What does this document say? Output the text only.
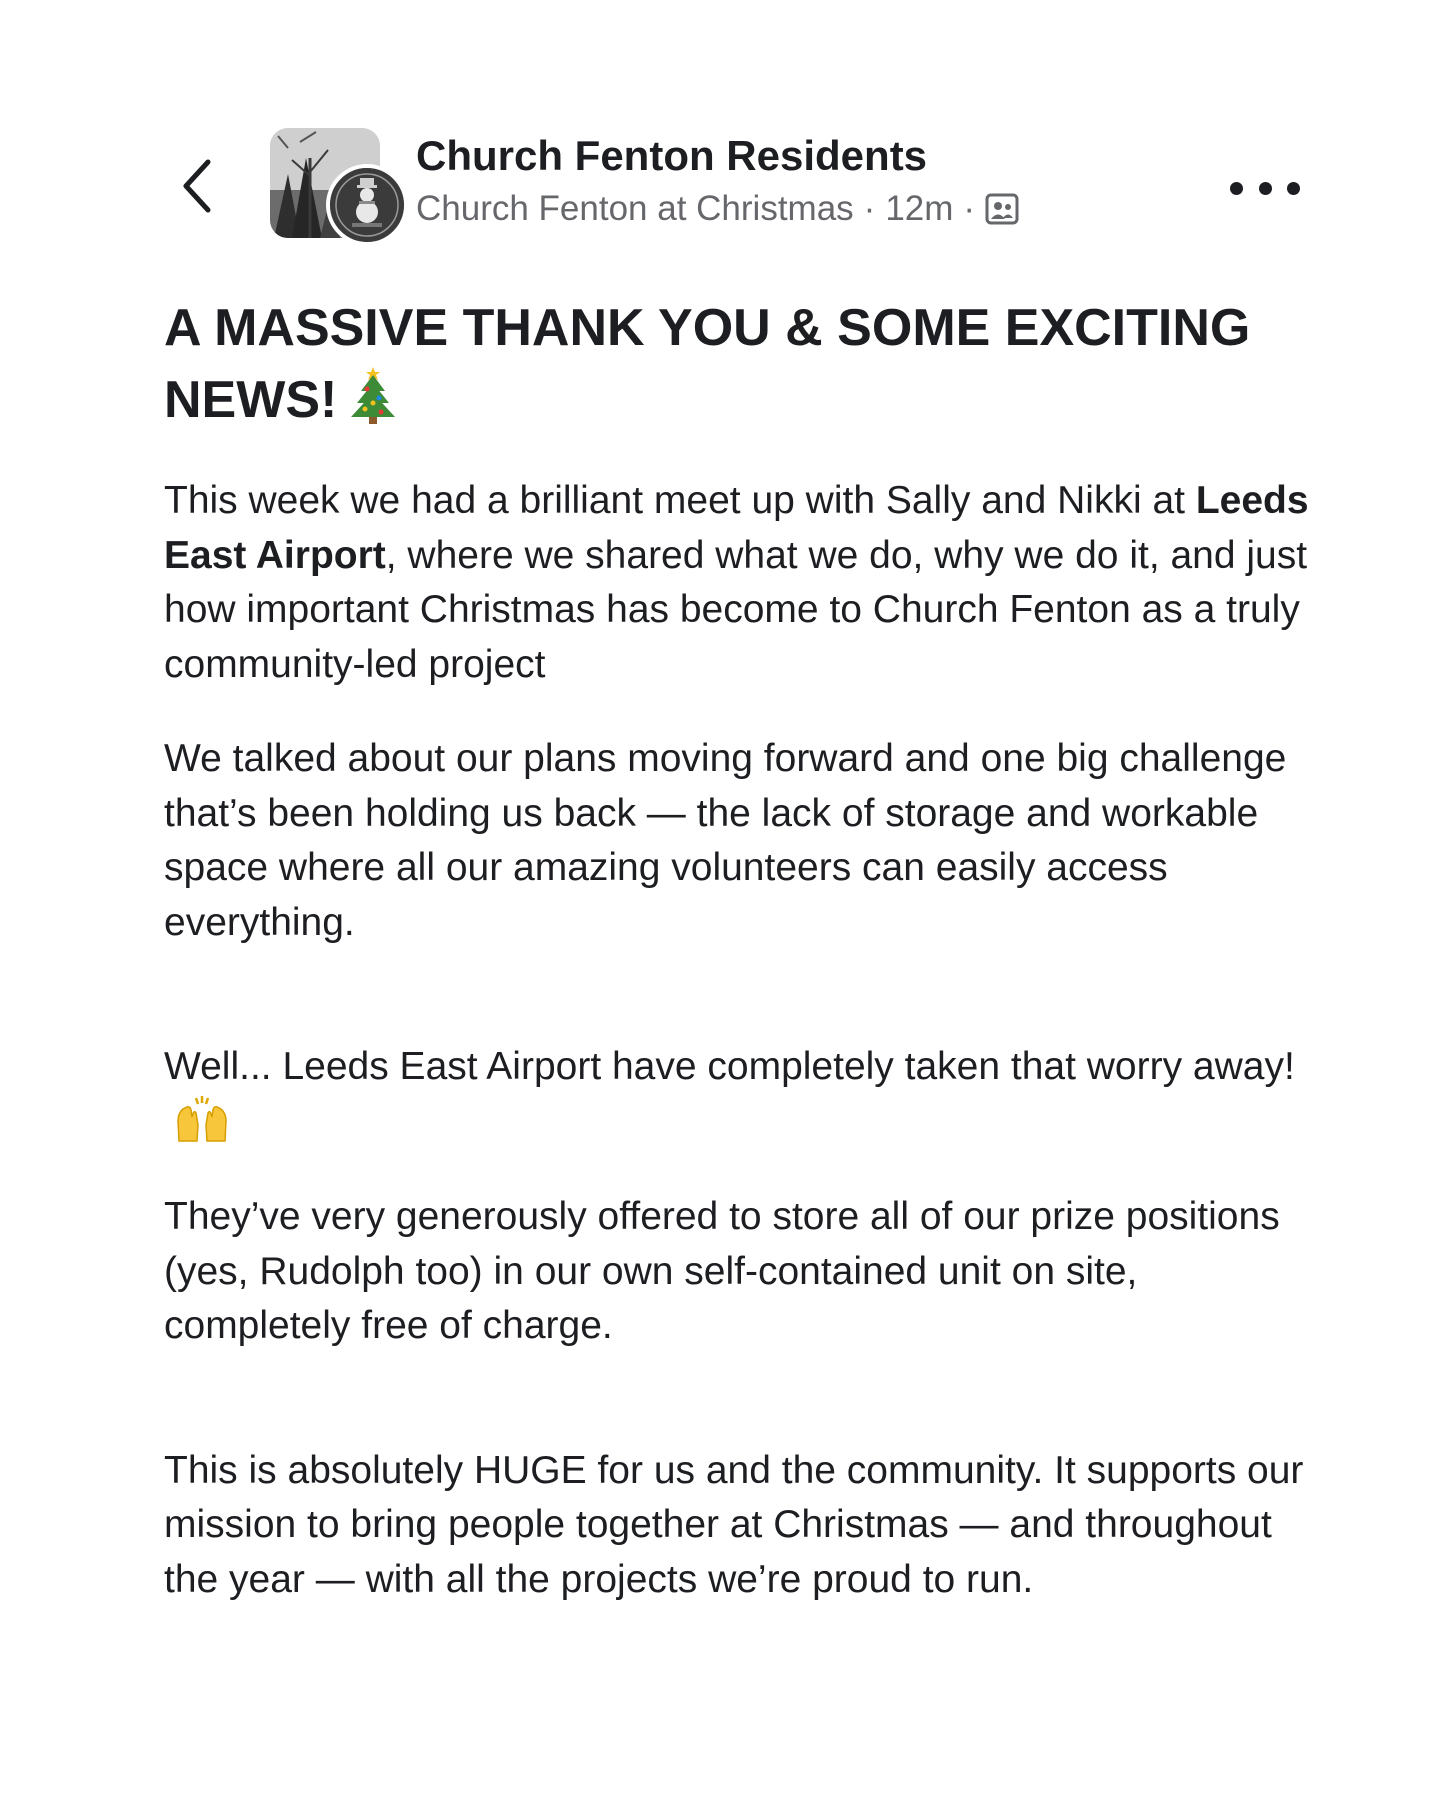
Church Fenton Residents
Church Fenton at Christmas · 12m ·
A MASSIVE THANK YOU & SOME EXCITING NEWS!

This week we had a brilliant meet up with Sally and Nikki at Leeds East Airport, where we shared what we do, why we do it, and just how important Christmas has become to Church Fenton as a truly community-led project

We talked about our plans moving forward and one big challenge that’s been holding us back — the lack of storage and workable space where all our amazing volunteers can easily access everything.

Well... Leeds East Airport have completely taken that worry away!

They’ve very generously offered to store all of our prize positions (yes, Rudolph too) in our own self-contained unit on site, completely free of charge.

This is absolutely HUGE for us and the community. It supports our mission to bring people together at Christmas — and throughout the year — with all the projects we’re proud to run.
